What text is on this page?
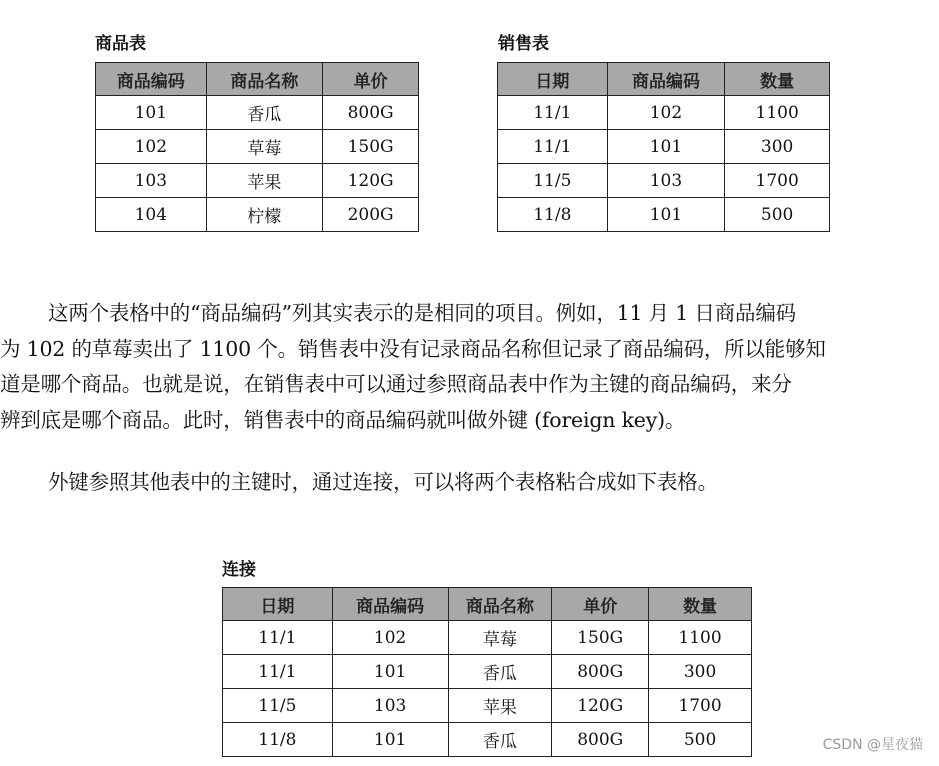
商品表
商品编码	商品名称	单价
101	香瓜	800G
102	草莓	150G
103	苹果	120G
104	柠檬	200G
销售表
日期	商品编码	数量
11/1	102	1100
11/1	101	300
11/5	103	1700
11/8	101	500
这两个表格中的“商品编码”列其实表示的是相同的项目。例如，11 月 1 日商品编码
为 102 的草莓卖出了 1100 个。销售表中没有记录商品名称但记录了商品编码，所以能够知
道是哪个商品。也就是说，在销售表中可以通过参照商品表中作为主键的商品编码，来分
辨到底是哪个商品。此时，销售表中的商品编码就叫做外键 (foreign key)。
外键参照其他表中的主键时，通过连接，可以将两个表格粘合成如下表格。
连接
日期	商品编码	商品名称	单价	数量
11/1	102	草莓	150G	1100
11/1	101	香瓜	800G	300
11/5	103	苹果	120G	1700
11/8	101	香瓜	800G	500	CSDN @星夜猫
